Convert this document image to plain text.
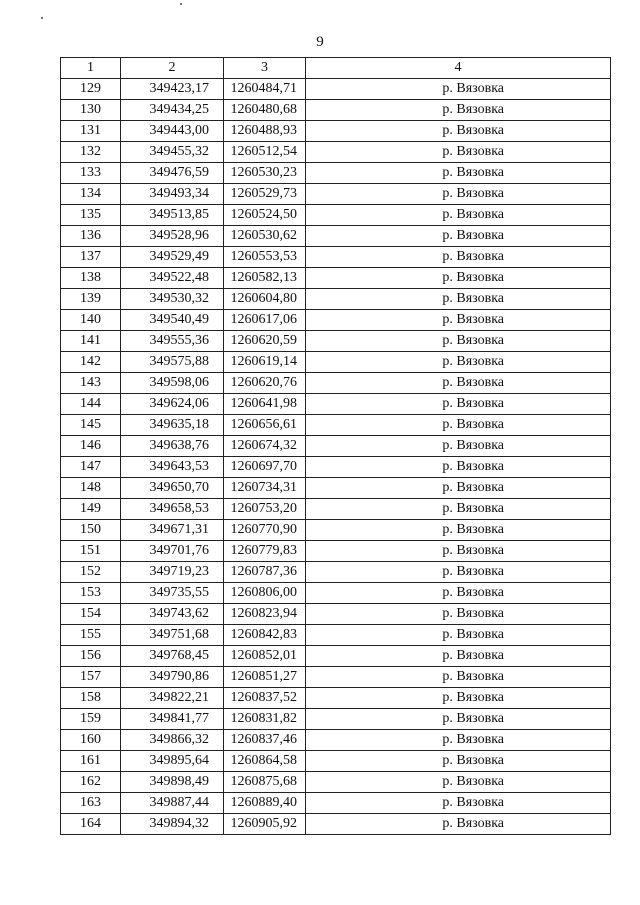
9
1	2	3	4
129	349423,17	1260484,71	р. Вязовка
130	349434,25	1260480,68	р. Вязовка
131	349443,00	1260488,93	р. Вязовка
132	349455,32	1260512,54	р. Вязовка
133	349476,59	1260530,23	р. Вязовка
134	349493,34	1260529,73	р. Вязовка
135	349513,85	1260524,50	р. Вязовка
136	349528,96	1260530,62	р. Вязовка
137	349529,49	1260553,53	р. Вязовка
138	349522,48	1260582,13	р. Вязовка
139	349530,32	1260604,80	р. Вязовка
140	349540,49	1260617,06	р. Вязовка
141	349555,36	1260620,59	р. Вязовка
142	349575,88	1260619,14	р. Вязовка
143	349598,06	1260620,76	р. Вязовка
144	349624,06	1260641,98	р. Вязовка
145	349635,18	1260656,61	р. Вязовка
146	349638,76	1260674,32	р. Вязовка
147	349643,53	1260697,70	р. Вязовка
148	349650,70	1260734,31	р. Вязовка
149	349658,53	1260753,20	р. Вязовка
150	349671,31	1260770,90	р. Вязовка
151	349701,76	1260779,83	р. Вязовка
152	349719,23	1260787,36	р. Вязовка
153	349735,55	1260806,00	р. Вязовка
154	349743,62	1260823,94	р. Вязовка
155	349751,68	1260842,83	р. Вязовка
156	349768,45	1260852,01	р. Вязовка
157	349790,86	1260851,27	р. Вязовка
158	349822,21	1260837,52	р. Вязовка
159	349841,77	1260831,82	р. Вязовка
160	349866,32	1260837,46	р. Вязовка
161	349895,64	1260864,58	р. Вязовка
162	349898,49	1260875,68	р. Вязовка
163	349887,44	1260889,40	р. Вязовка
164	349894,32	1260905,92	р. Вязовка
